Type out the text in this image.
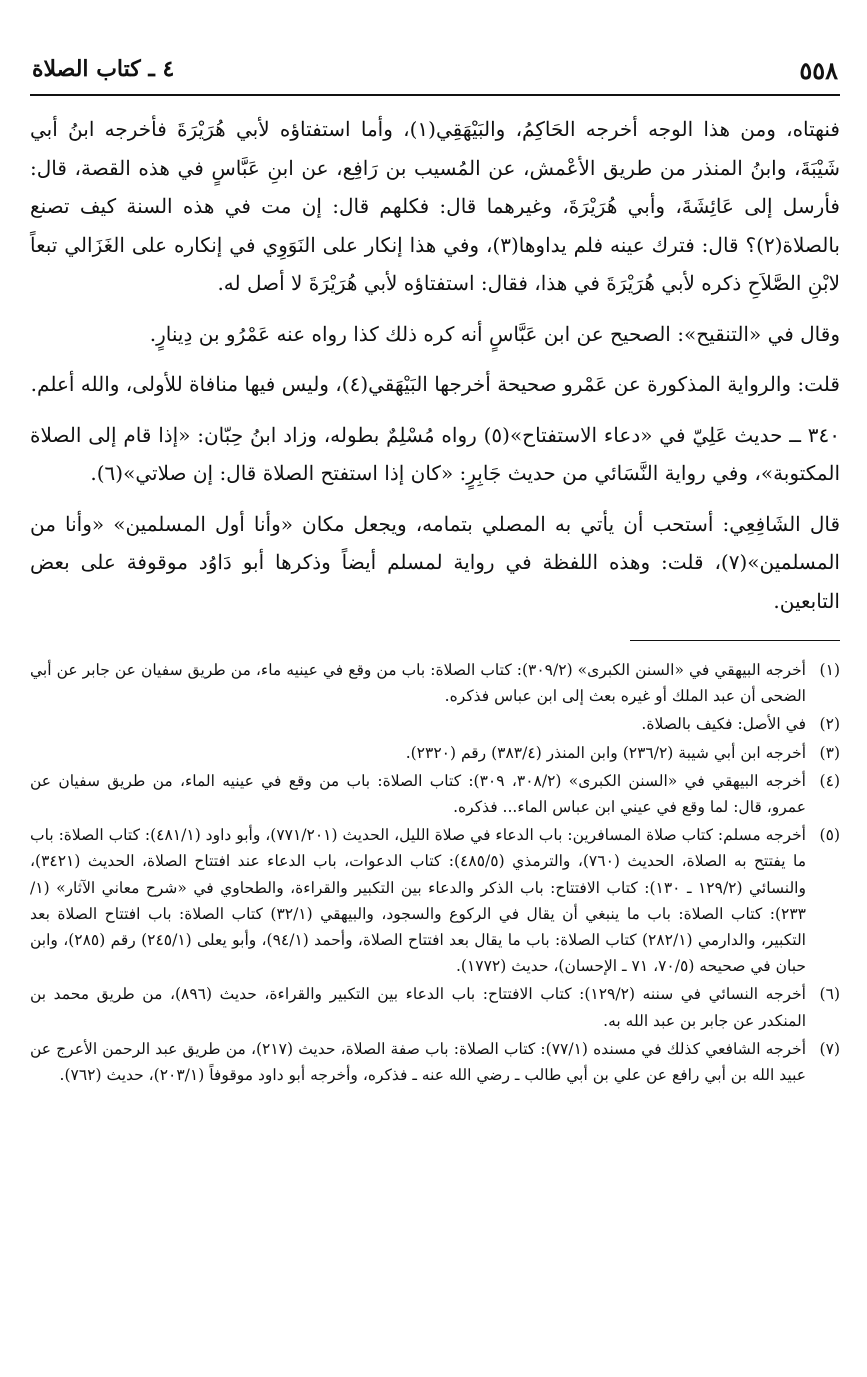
٥٥٨
٤ ـ كتاب الصلاة

فنهتاه، ومن هذا الوجه أخرجه الحَاكِمُ، والبَيْهَقِي(١)، وأما استفتاؤه لأبي هُرَيْرَةَ فأخرجه ابنُ أبي شَيْبَةَ، وابنُ المنذر من طريق الأعْمش، عن المُسيب بن رَافِع، عن ابنِ عَبَّاسٍ في هذه القصة، قال: فأرسل إلى عَائِشَةَ، وأبي هُرَيْرَةَ، وغيرهما قال: فكلهم قال: إن مت في هذه السنة كيف تصنع بالصلاة(٢)؟ قال: فترك عينه فلم يداوها(٣)، وفي هذا إنكار على النَوَوِي في إنكاره على الغَزَالي تبعاً لابْنِ الصَّلاَحِ ذكره لأبي هُرَيْرَةَ في هذا، فقال: استفتاؤه لأبي هُرَيْرَةَ لا أصل له.

وقال في «التنقيح»: الصحيح عن ابن عَبَّاسٍ أنه كره ذلك كذا رواه عنه عَمْرُو بن دِينارٍ.

قلت: والرواية المذكورة عن عَمْرو صحيحة أخرجها البَيْهَقي(٤)، وليس فيها منافاة للأولى، والله أعلم.

٣٤٠ ــ حديث عَلِيّ في «دعاء الاستفتاح»(٥) رواه مُسْلِمٌ بطوله، وزاد ابنُ حِبّان: «إذا قام إلى الصلاة المكتوبة»، وفي رواية النَّسَائي من حديث جَابِرٍ: «كان إذا استفتح الصلاة قال: إن صلاتي»(٦).

قال الشَافِعِي: أستحب أن يأتي به المصلي بتمامه، ويجعل مكان «وأنا أول المسلمين» «وأنا من المسلمين»(٧)، قلت: وهذه اللفظة في رواية لمسلم أيضاً وذكرها أبو دَاوُد موقوفة على بعض التابعين.

(١)
أخرجه البيهقي في «السنن الكبرى» (٣٠٩/٢): كتاب الصلاة: باب من وقع في عينيه ماء، من طريق سفيان عن جابر عن أبي الضحى أن عبد الملك أو غيره بعث إلى ابن عباس فذكره.
(٢)
في الأصل: فكيف بالصلاة.
(٣)
أخرجه ابن أبي شيبة (٢٣٦/٢) وابن المنذر (٣٨٣/٤) رقم (٢٣٢٠).
(٤)
أخرجه البيهقي في «السنن الكبرى» (٣٠٨/٢، ٣٠٩): كتاب الصلاة: باب من وقع في عينيه الماء، من طريق سفيان عن عمرو، قال: لما وقع في عيني ابن عباس الماء... فذكره.
(٥)
أخرجه مسلم: كتاب صلاة المسافرين: باب الدعاء في صلاة الليل، الحديث (٧٧١/٢٠١)، وأبو داود (٤٨١/١): كتاب الصلاة: باب ما يفتتح به الصلاة، الحديث (٧٦٠)، والترمذي (٤٨٥/٥): كتاب الدعوات، باب الدعاء عند افتتاح الصلاة، الحديث (٣٤٢١)، والنسائي (١٢٩/٢ ـ ١٣٠): كتاب الافتتاح: باب الذكر والدعاء بين التكبير والقراءة، والطحاوي في «شرح معاني الآثار» (١/ ٢٣٣): كتاب الصلاة: باب ما ينبغي أن يقال في الركوع والسجود، والبيهقي (٣٢/١) كتاب الصلاة: باب افتتاح الصلاة بعد التكبير، والدارمي (٢٨٢/١) كتاب الصلاة: باب ما يقال بعد افتتاح الصلاة، وأحمد (٩٤/١)، وأبو يعلى (٢٤٥/١) رقم (٢٨٥)، وابن حبان في صحيحه (٧٠/٥، ٧١ ـ الإحسان)، حديث (١٧٧٢).
(٦)
أخرجه النسائي في سننه (١٢٩/٢): كتاب الافتتاح: باب الدعاء بين التكبير والقراءة، حديث (٨٩٦)، من طريق محمد بن المنكدر عن جابر بن عبد الله به.
(٧)
أخرجه الشافعي كذلك في مسنده (٧٧/١): كتاب الصلاة: باب صفة الصلاة، حديث (٢١٧)، من طريق عبد الرحمن الأعرج عن عبيد الله بن أبي رافع عن علي بن أبي طالب ـ رضي الله عنه ـ فذكره، وأخرجه أبو داود موقوفاً (٢٠٣/١)، حديث (٧٦٢).
